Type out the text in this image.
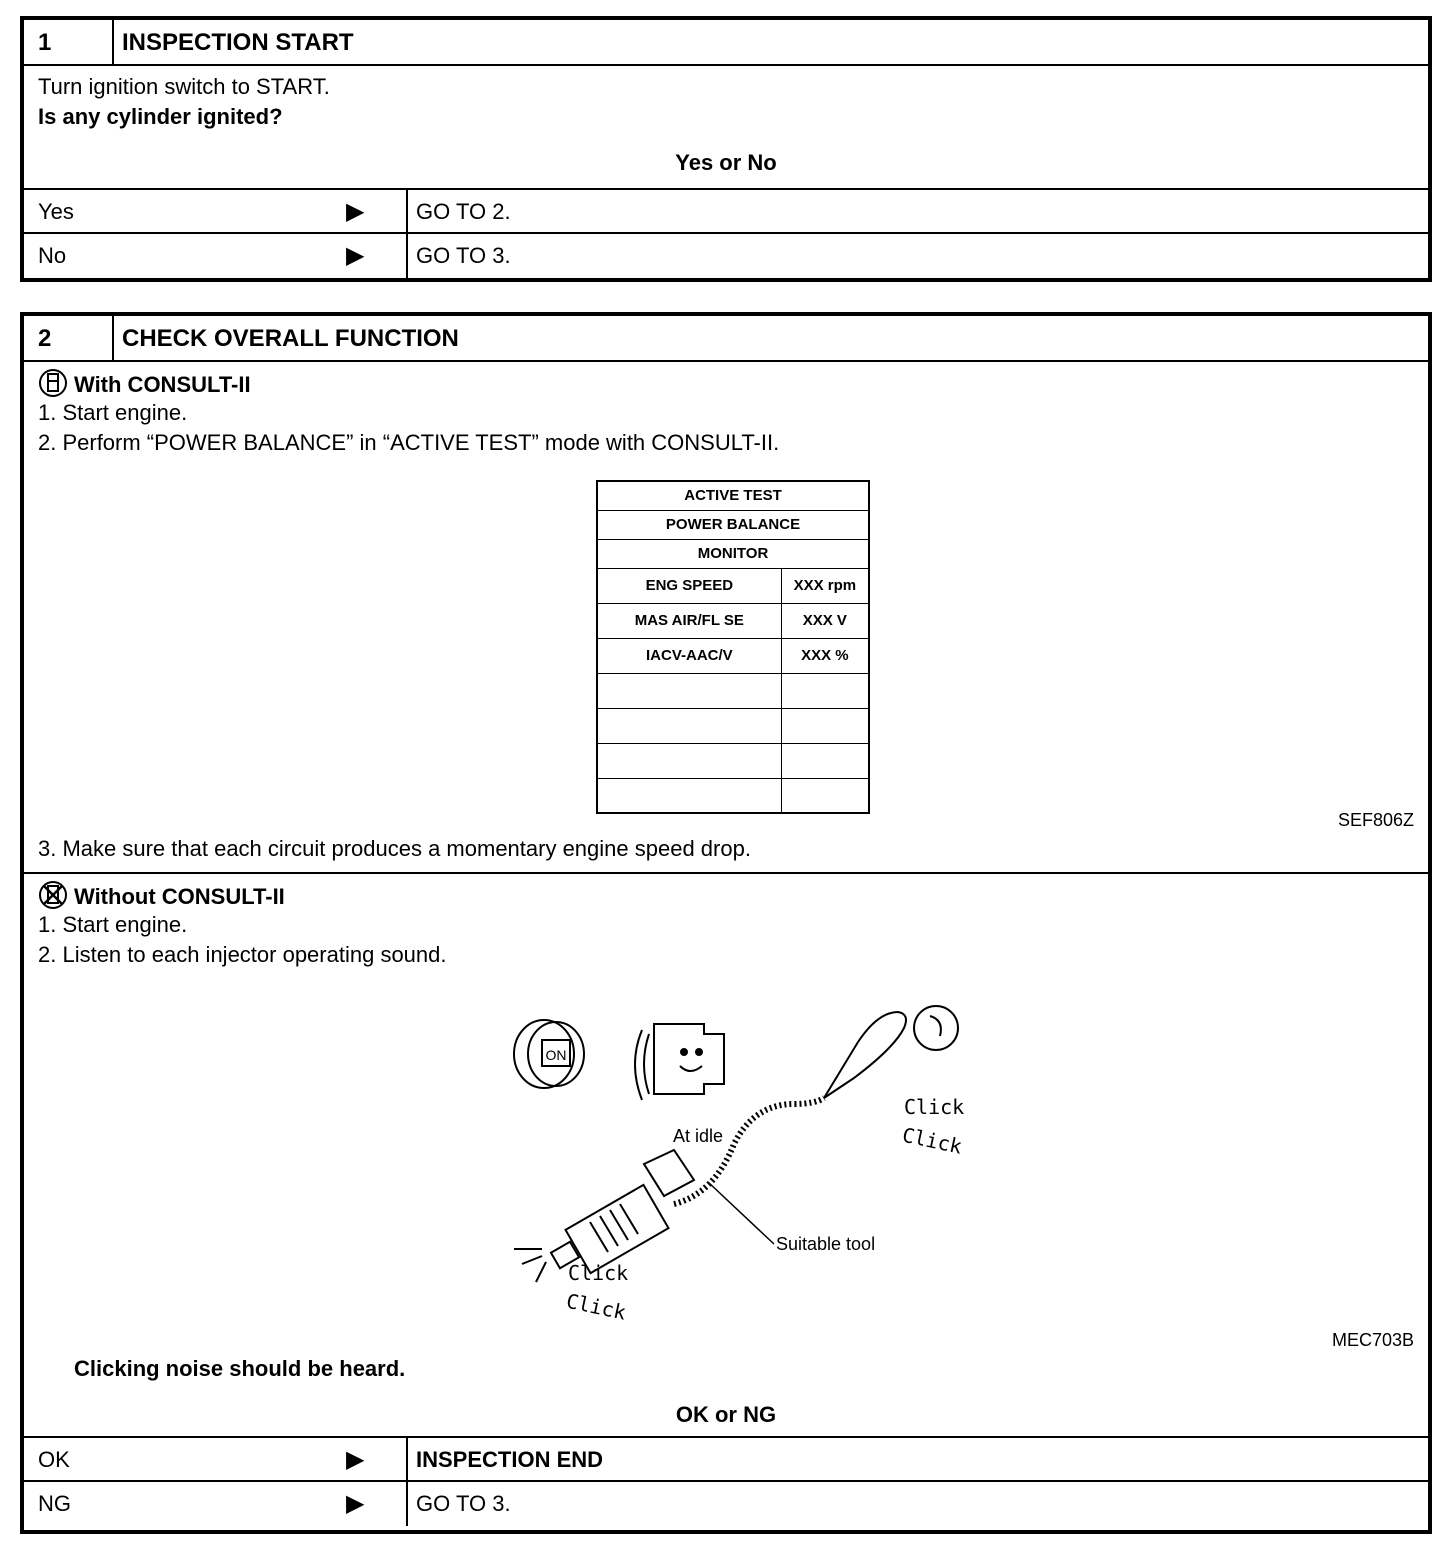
1	INSPECTION START
Turn ignition switch to START.
Is any cylinder ignited?
Yes or No
Yes	▶	GO TO 2.
No	▶	GO TO 3.
2	CHECK OVERALL FUNCTION
With CONSULT-II
1. Start engine.
2. Perform “POWER BALANCE” in “ACTIVE TEST” mode with CONSULT-II.
ACTIVE TEST	
POWER BALANCE	
MONITOR	
ENG SPEED	XXX rpm
MAS AIR/FL SE	XXX V
IACV-AAC/V	XXX %

SEF806Z
3. Make sure that each circuit produces a momentary engine speed drop.
Without CONSULT-II
1. Start engine.
2. Listen to each injector operating sound.
ON
At idle
Suitable tool
Click
Click
Click
Click
MEC703B
Clicking noise should be heard.
OK or NG
OK	▶	INSPECTION END
NG	▶	GO TO 3.
